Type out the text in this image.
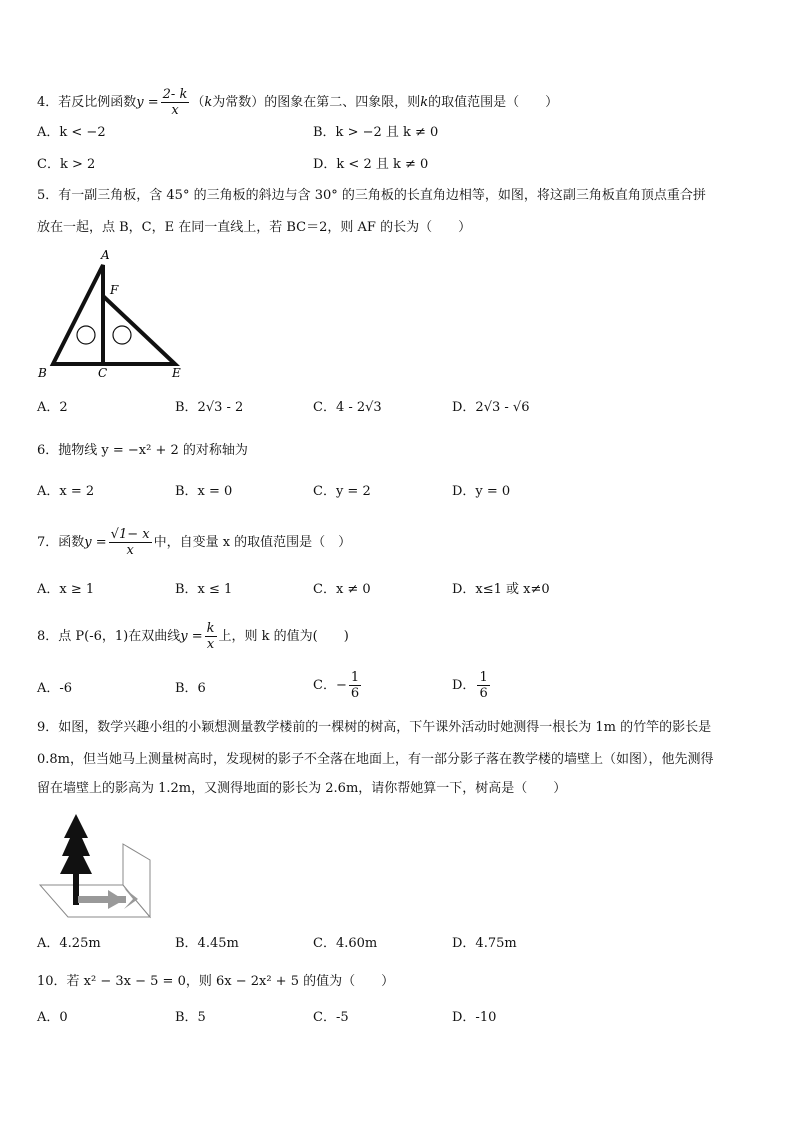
4．若反比例函数$y = \frac{2- k}{x} (k$为常数）的图象在第二、四象限，则k的取值范围是（　　）
A．k < −2	B．k > −2 且 k ≠ 0
C．k > 2	D．k < 2 且 k ≠ 0
5．有一副三角板，含 45° 的三角板的斜边与含 30° 的三角板的长直角边相等，如图，将这副三角板直角顶点重合拼
放在一起，点 B，C，E 在同一直线上，若 BC＝2，则 AF 的长为（　　）
A
F
B	C	E
A．2	B．2√3 - 2	C．4 - 2√3	D．2√3 - √6
6．抛物线 y = −x² + 2 的对称轴为
A．x = 2	B．x = 0	C．y = 2	D．y = 0
7．函数$y = \frac{√1- x}{x}$ 中，自变量 x 的取值范围是（　）
A．x ≥ 1	B．x ≤ 1	C．x ≠ 0	D．x≤1 或 x≠0
8．点 P(-6，1)在双曲线$y = \frac{k}{x}$ 上，则 k 的值为(　　)
A．-6	B．6	C．− $\frac{1}{6}$	D． $\frac{1}{6}$
9．如图，数学兴趣小组的小颖想测量教学楼前的一棵树的树高，下午课外活动时她测得一根长为 1m 的竹竿的影长是
0.8m，但当她马上测量树高时，发现树的影子不全落在地面上，有一部分影子落在教学楼的墙壁上（如图），他先测得
留在墙壁上的影高为 1.2m，又测得地面的影长为 2.6m，请你帮她算一下，树高是（　　）
A．4.25m	B．4.45m	C．4.60m	D．4.75m
10．若 x² − 3x − 5 = 0，则 6x − 2x² + 5 的值为（　　）
A．0	B．5	C．-5	D．-10
